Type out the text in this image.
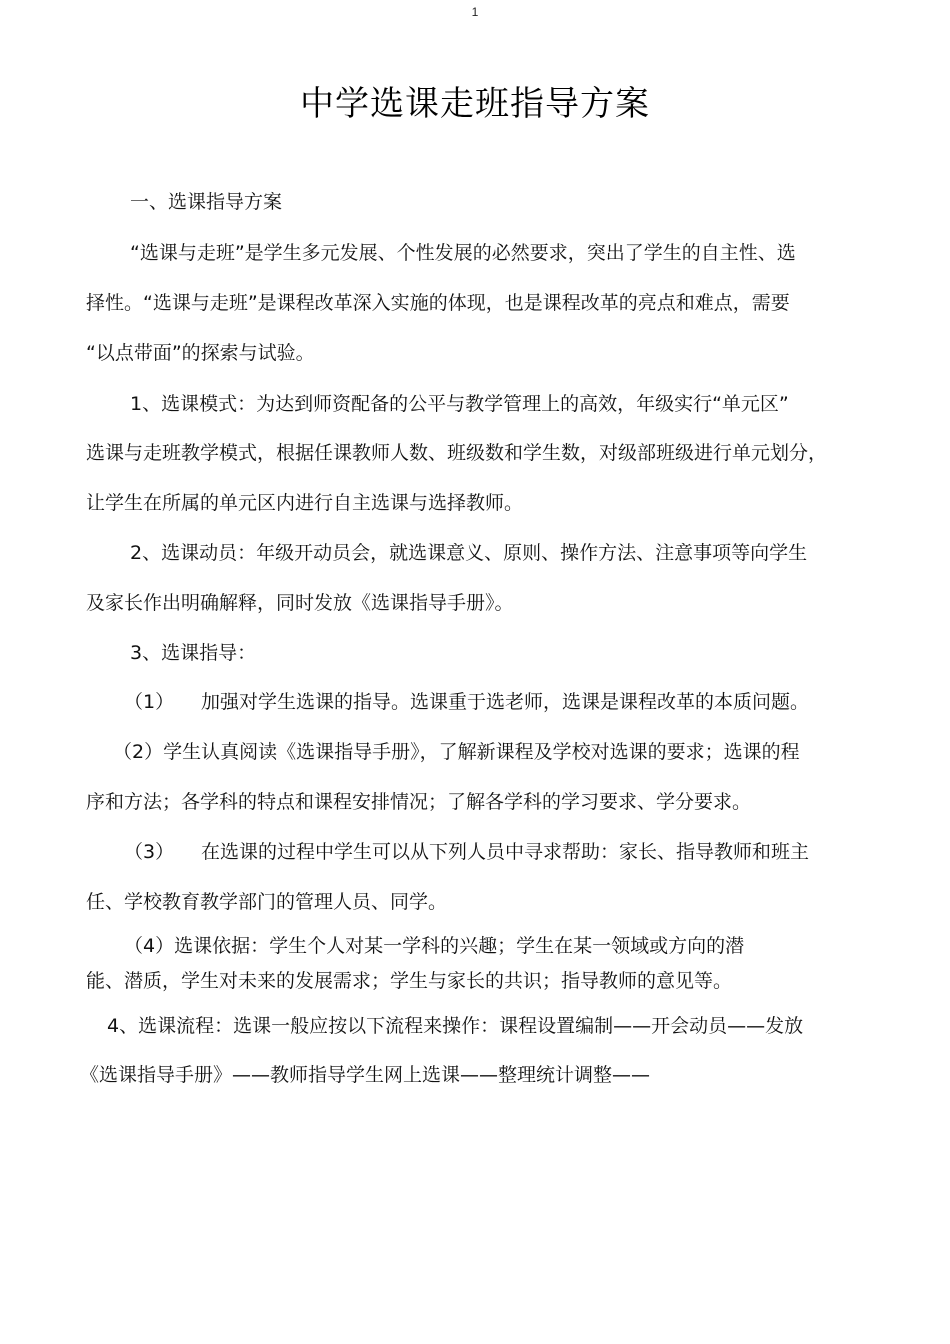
1
中学选课走班指导方案
一、选课指导方案
“选课与走班”是学生多元发展、个性发展的必然要求，突出了学生的自主性、选
择性。“选课与走班”是课程改革深入实施的体现，也是课程改革的亮点和难点，需要
“以点带面”的探索与试验。
1、选课模式：为达到师资配备的公平与教学管理上的高效，年级实行“单元区”
选课与走班教学模式，根据任课教师人数、班级数和学生数，对级部班级进行单元划分，
让学生在所属的单元区内进行自主选课与选择教师。
2、选课动员：年级开动员会，就选课意义、原则、操作方法、注意事项等向学生
及家长作出明确解释，同时发放《选课指导手册》。
3、选课指导：
（1） 加强对学生选课的指导。选课重于选老师，选课是课程改革的本质问题。
（2）学生认真阅读《选课指导手册》，了解新课程及学校对选课的要求；选课的程
序和方法；各学科的特点和课程安排情况；了解各学科的学习要求、学分要求。
（3） 在选课的过程中学生可以从下列人员中寻求帮助：家长、指导教师和班主
任、学校教育教学部门的管理人员、同学。
（4）选课依据：学生个人对某一学科的兴趣；学生在某一领域或方向的潜
能、潜质，学生对未来的发展需求；学生与家长的共识；指导教师的意见等。
4、选课流程：选课一般应按以下流程来操作：课程设置编制——开会动员——发放
《选课指导手册》——教师指导学生网上选课——整理统计调整——
